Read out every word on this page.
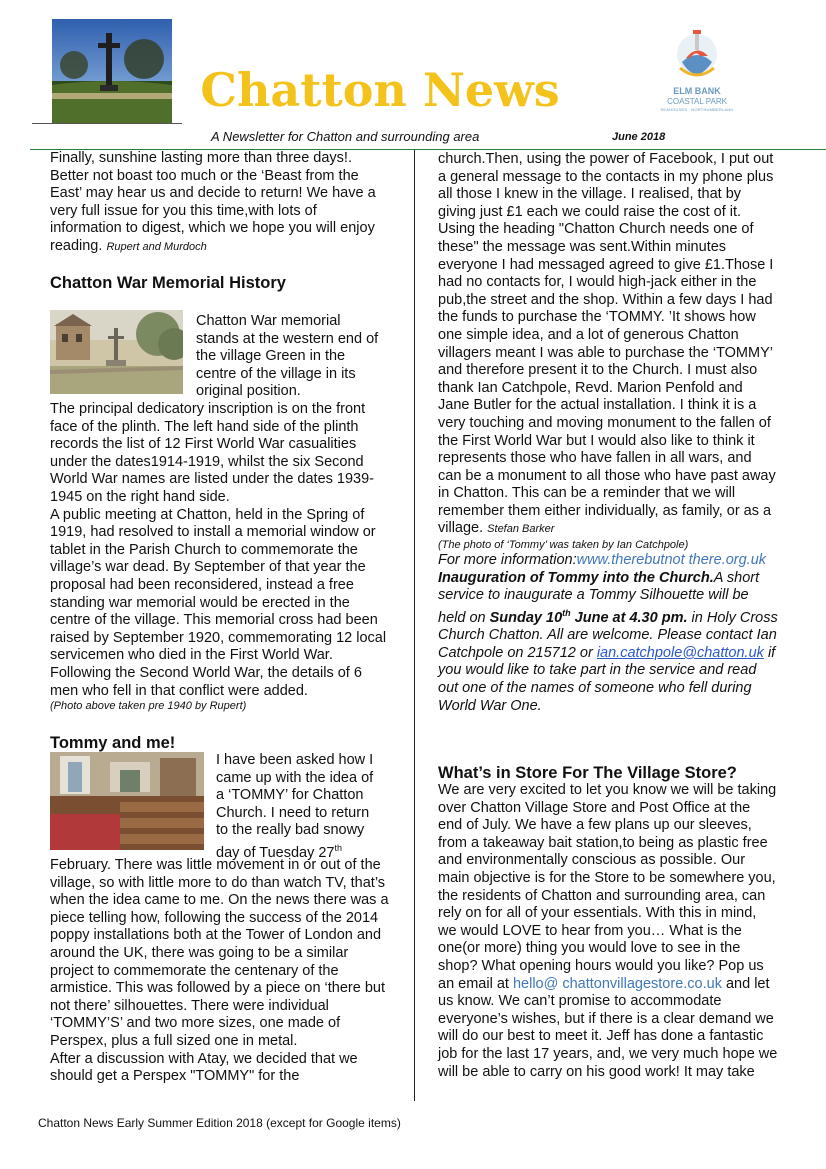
Chatton News	ELM BANK
COASTAL PARK
SEAHOUSES · NORTHUMBERLAND
A Newsletter for Chatton and surrounding area	June 2018
Finally, sunshine lasting more than three days!. Better not boast too much or the ‘Beast from the East’ may hear us and decide to return! We have a very full issue for you this time,with lots of information to digest, which we hope you will enjoy reading. Rupert and Murdoch
Chatton War Memorial History
Chatton War memorial
stands at the western end of
the village Green in the
centre of the village in its
original position.
The principal dedicatory inscription is on the front face of the plinth. The left hand side of the plinth records the list of 12 First World War casualities under the dates1914-1919, whilst the six Second World War names are listed under the dates 1939-1945 on the right hand side.
A public meeting at Chatton, held in the Spring of 1919, had resolved to install a memorial window or tablet in the Parish Church to commemorate the village’s war dead. By September of that year the proposal had been reconsidered, instead a free standing war memorial would be erected in the centre of the village. This memorial cross had been raised by September 1920, commemorating 12 local servicemen who died in the First World War. Following the Second World War, the details of 6 men who fell in that conflict were added.
(Photo above taken pre 1940 by Rupert)
Tommy and me!
I have been asked how I
came up with the idea of
a ‘TOMMY’ for Chatton
Church. I need to return
to the really bad snowy
day of Tuesday 27th
February. There was little movement in or out of the village, so with little more to do than watch TV, that’s when the idea came to me. On the news there was a piece telling how, following the success of the 2014 poppy installations both at the Tower of London and around the UK, there was going to be a similar project to commemorate the centenary of the armistice. This was followed by a piece on ‘there but not there’ silhouettes. There were individual ‘TOMMY’S’ and two more sizes, one made of Perspex, plus a full sized one in metal.
After a discussion with Atay, we decided that we should get a Perspex "TOMMY" for the
church.Then, using the power of Facebook, I put out a general message to the contacts in my phone plus all those I knew in the village. I realised, that by giving just £1 each we could raise the cost of it. Using the heading "Chatton Church needs one of these" the message was sent.Within minutes everyone I had messaged agreed to give £1.Those I had no contacts for, I would high-jack either in the pub,the street and the shop. Within a few days I had the funds to purchase the ‘TOMMY. ’It shows how one simple idea, and a lot of generous Chatton villagers meant I was able to purchase the ‘TOMMY’ and therefore present it to the Church. I must also thank Ian Catchpole, Revd. Marion Penfold and Jane Butler for the actual installation. I think it is a very touching and moving monument to the fallen of the First World War but I would also like to think it represents those who have fallen in all wars, and can be a monument to all those who have past away in Chatton. This can be a reminder that we will remember them either individually, as family, or as a village. Stefan Barker
(The photo of ‘Tommy’ was taken by Ian Catchpole)
For more information:www.therebutnot there.org.uk Inauguration of Tommy into the Church.A short service to inaugurate a Tommy Silhouette will be held on Sunday 10th June at 4.30 pm. in Holy Cross Church Chatton. All are welcome. Please contact Ian Catchpole on 215712 or ian.catchpole@chatton.uk if you would like to take part in the service and read out one of the names of someone who fell during World War One.
What’s in Store For The Village Store?
We are very excited to let you know we will be taking over Chatton Village Store and Post Office at the end of July. We have a few plans up our sleeves, from a takeaway bait station,to being as plastic free and environmentally conscious as possible. Our main objective is for the Store to be somewhere you, the residents of Chatton and surrounding area, can rely on for all of your essentials. With this in mind, we would LOVE to hear from you… What is the one(or more) thing you would love to see in the shop? What opening hours would you like? Pop us an email at hello@ chattonvillagestore.co.uk and let us know. We can’t promise to accommodate everyone’s wishes, but if there is a clear demand we will do our best to meet it. Jeff has done a fantastic job for the last 17 years, and, we very much hope we will be able to carry on his good work! It may take
Chatton News Early Summer Edition 2018 (except for Google items)
